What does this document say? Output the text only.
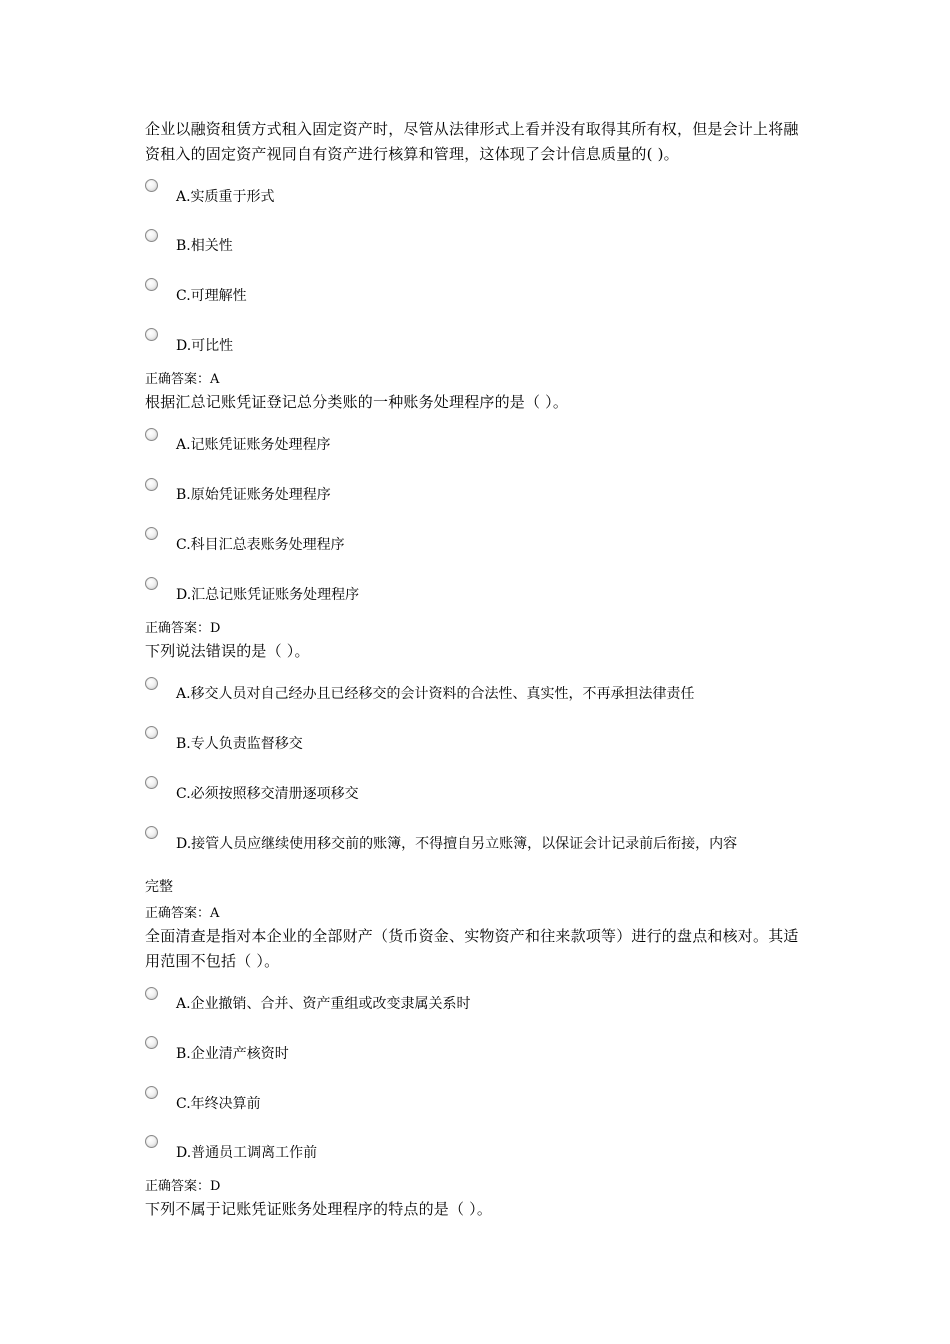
企业以融资租赁方式租入固定资产时，尽管从法律形式上看并没有取得其所有权，但是会计上将融资租入的固定资产视同自有资产进行核算和管理，这体现了会计信息质量的( )。
A.实质重于形式
B.相关性
C.可理解性
D.可比性
正确答案：A
根据汇总记账凭证登记总分类账的一种账务处理程序的是（ ）。
A.记账凭证账务处理程序
B.原始凭证账务处理程序
C.科目汇总表账务处理程序
D.汇总记账凭证账务处理程序
正确答案：D
下列说法错误的是（ ）。
A.移交人员对自己经办且已经移交的会计资料的合法性、真实性，不再承担法律责任
B.专人负责监督移交
C.必须按照移交清册逐项移交
D.接管人员应继续使用移交前的账簿，不得擅自另立账簿，以保证会计记录前后衔接，内容
完整
正确答案：A
全面清查是指对本企业的全部财产（货币资金、实物资产和往来款项等）进行的盘点和核对。其适用范围不包括（ ）。
A.企业撤销、合并、资产重组或改变隶属关系时
B.企业清产核资时
C.年终决算前
D.普通员工调离工作前
正确答案：D
下列不属于记账凭证账务处理程序的特点的是（ ）。
